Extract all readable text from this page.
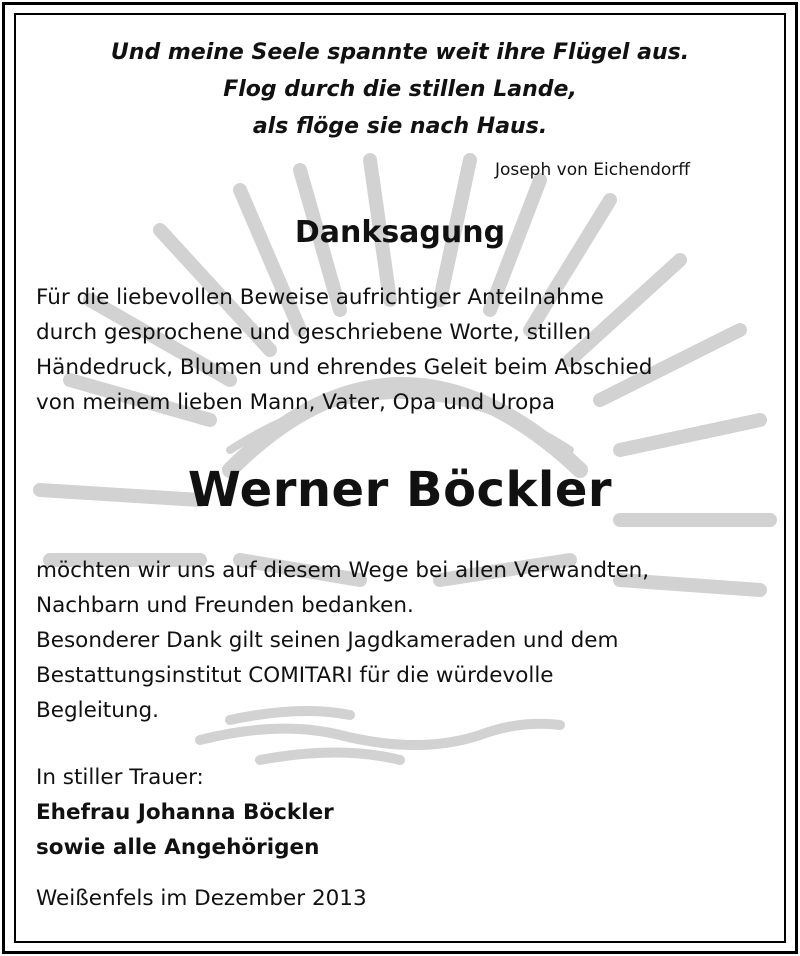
Und meine Seele spannte weit ihre Flügel aus.
Flog durch die stillen Lande,
als flöge sie nach Haus.
Joseph von Eichendorff
Danksagung
Für die liebevollen Beweise aufrichtiger Anteilnahme
durch gesprochene und geschriebene Worte, stillen
Händedruck, Blumen und ehrendes Geleit beim Abschied
von meinem lieben Mann, Vater, Opa und Uropa
Werner Böckler
möchten wir uns auf diesem Wege bei allen Verwandten,
Nachbarn und Freunden bedanken.
Besonderer Dank gilt seinen Jagdkameraden und dem
Bestattungsinstitut COMITARI für die würdevolle
Begleitung.
In stiller Trauer:
Ehefrau Johanna Böckler
sowie alle Angehörigen
Weißenfels im Dezember 2013
